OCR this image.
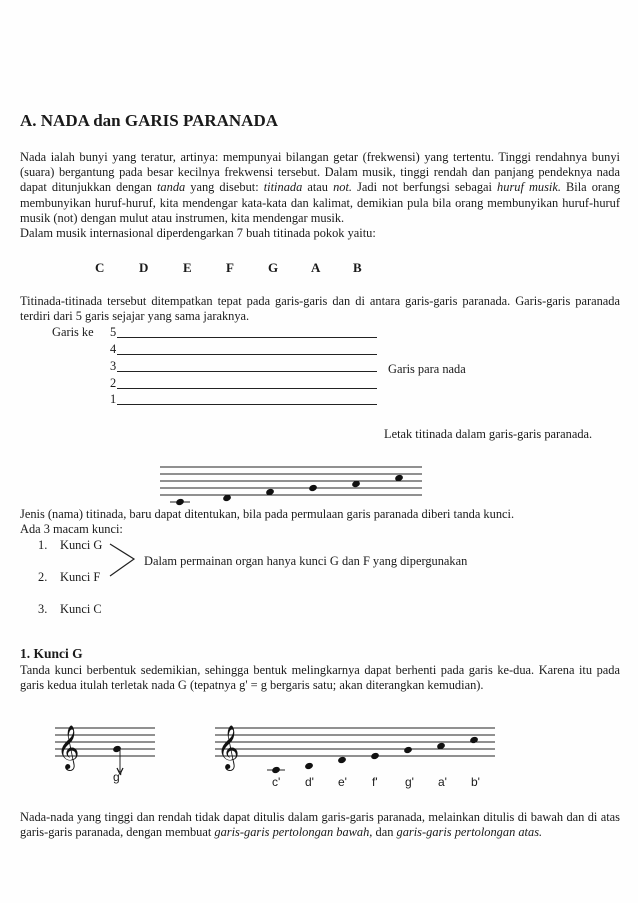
A. NADA dan GARIS PARANADA
Nada ialah bunyi yang teratur, artinya: mempunyai bilangan getar (frekwensi) yang tertentu. Tinggi rendahnya bunyi (suara) bergantung pada besar kecilnya frekwensi tersebut. Dalam musik, tinggi rendah dan panjang pendeknya nada dapat ditunjukkan dengan tanda yang disebut: titinada atau not. Jadi not berfungsi sebagai huruf musik. Bila orang membunyikan huruf-huruf, kita mendengar kata-kata dan kalimat, demikian pula bila orang membunyikan huruf-huruf musik (not) dengan mulut atau instrumen, kita mendengar musik.
Dalam musik internasional diperdengarkan 7 buah titinada pokok yaitu:
C	D	E	F	G	A	B
Titinada-titinada tersebut ditempatkan tepat pada garis-garis dan di antara garis-garis paranada. Garis-garis paranada terdiri dari 5 garis sejajar yang sama jaraknya.
Garis ke 5
4
3
2
1
Garis para nada
Letak titinada dalam garis-garis paranada.
Jenis (nama) titinada, baru dapat ditentukan, bila pada permulaan garis paranada diberi tanda kunci.
Ada 3 macam kunci:
1. Kunci G
2. Kunci F
3. Kunci C
Dalam permainan organ hanya kunci G dan F yang dipergunakan
1. Kunci G
Tanda kunci berbentuk sedemikian, sehingga bentuk melingkarnya dapat berhenti pada garis ke-dua. Karena itu pada garis kedua itulah terletak nada G (tepatnya g' = g bergaris satu; akan diterangkan kemudian).
𝄞
g'
𝄞
c' d' e' f' g' a' b'
Nada-nada yang tinggi dan rendah tidak dapat ditulis dalam garis-garis paranada, melainkan ditulis di bawah dan di atas garis-garis paranada, dengan membuat garis-garis pertolongan bawah, dan garis-garis pertolongan atas.
